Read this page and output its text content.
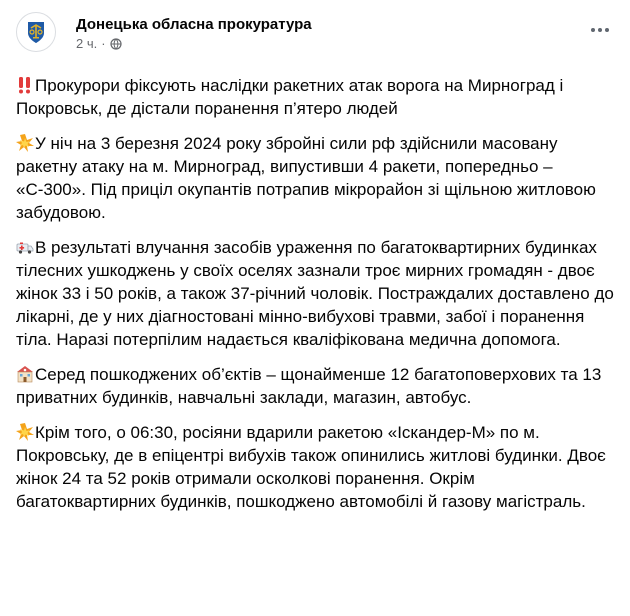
Донецька обласна прокуратура
2 ч. ·

Прокурори фіксують наслідки ракетних атак ворога на Мирноград і Покровськ, де дістали поранення п’ятеро людей

У ніч на 3 березня 2024 року збройні сили рф здійснили масовану ракетну атаку на м. Мирноград, випустивши 4 ракети, попередньо – «С-300». Під приціл окупантів потрапив мікрорайон зі щільною житловою забудовою.

В результаті влучання засобів ураження по багатоквартирних будинках тілесних ушкоджень у своїх оселях зазнали троє мирних громадян - двоє жінок 33 і 50 років, а також 37-річний чоловік. Постраждалих доставлено до лікарні, де у них діагностовані мінно-вибухові травми, забої і поранення тіла. Наразі потерпілим надається кваліфікована медична допомога.

Серед пошкоджених об’єктів – щонайменше 12 багатоповерхових та 13 приватних будинків, навчальні заклади, магазин, автобус.

Крім того, о 06:30, росіяни вдарили ракетою «Іскандер-М» по м. Покровську, де в епіцентрі вибухів також опинились житлові будинки. Двоє жінок 24 та 52 років отримали осколкові поранення. Окрім багатоквартирних будинків, пошкоджено автомобілі й газову магістраль.
